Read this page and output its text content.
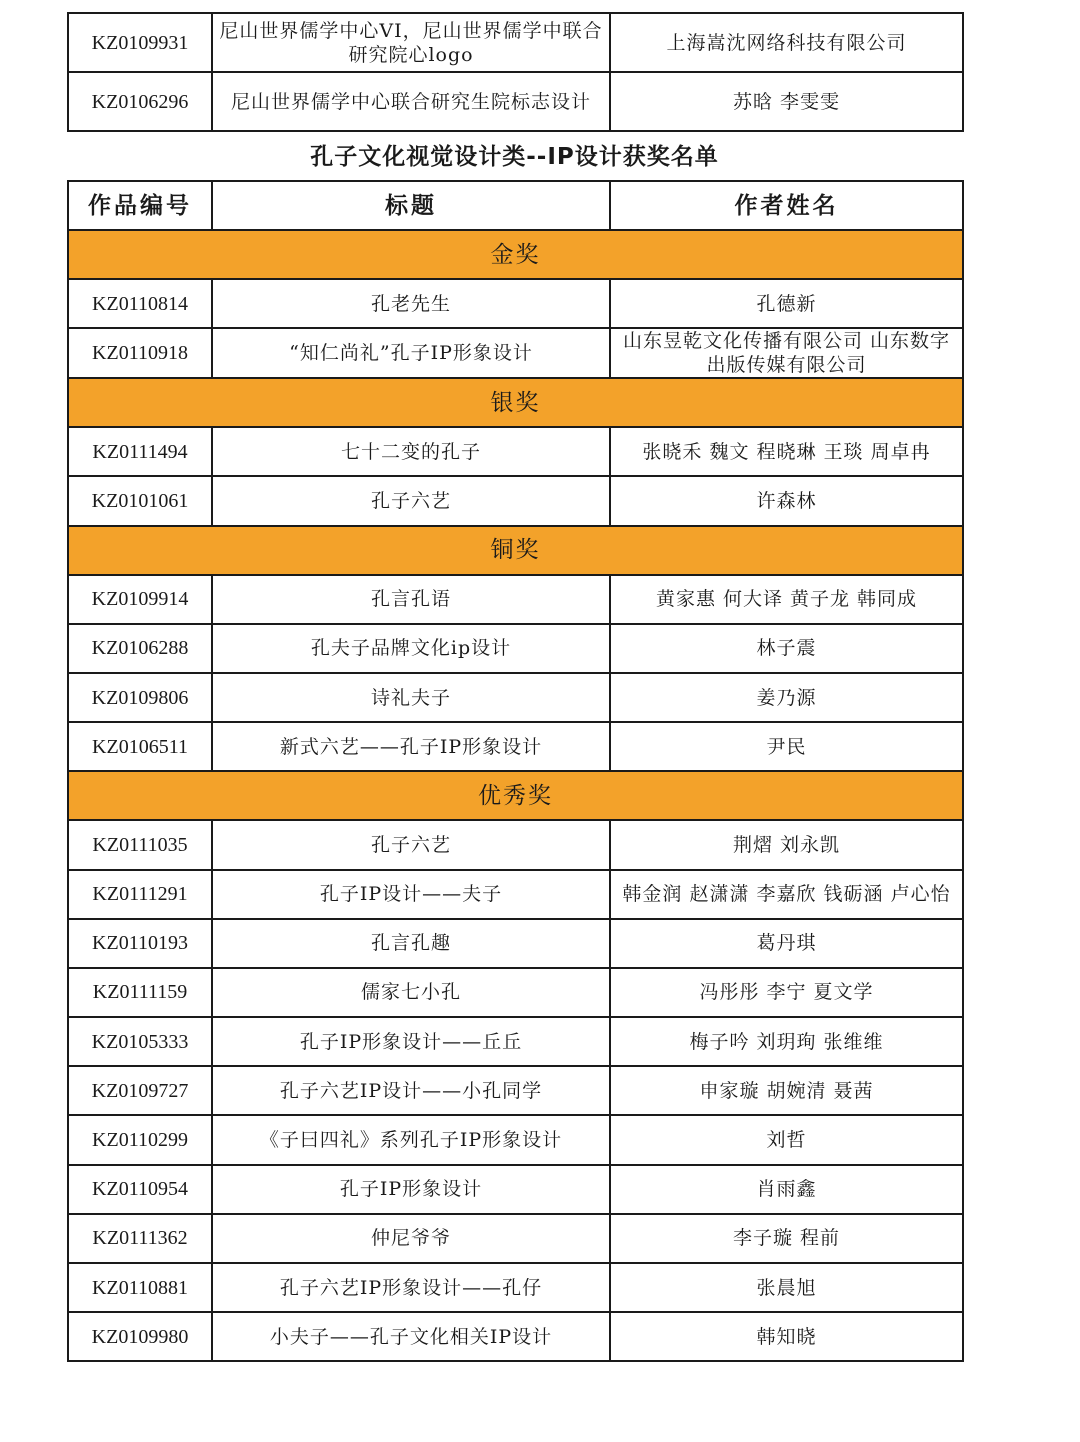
KZ0109931	尼山世界儒学中心VI，尼山世界儒学中联合研究院心logo	上海嵩沈网络科技有限公司
KZ0106296	尼山世界儒学中心联合研究生院标志设计	苏晗 李雯雯
孔子文化视觉设计类--IP设计获奖名单
作品编号	标题	作者姓名
金奖		
KZ0110814	孔老先生	孔德新
KZ0110918	“知仁尚礼”孔子IP形象设计	山东昱乾文化传播有限公司 山东数字出版传媒有限公司
银奖		
KZ0111494	七十二变的孔子	张晓禾 魏文 程晓琳 王琰 周卓冉
KZ0101061	孔子六艺	许森林
铜奖		
KZ0109914	孔言孔语	黄家惠 何大译 黄子龙 韩同成
KZ0106288	孔夫子品牌文化ip设计	林子震
KZ0109806	诗礼夫子	姜乃源
KZ0106511	新式六艺——孔子IP形象设计	尹民
优秀奖		
KZ0111035	孔子六艺	荆熠 刘永凯
KZ0111291	孔子IP设计——夫子	韩金润 赵潇潇 李嘉欣 钱砺涵 卢心怡
KZ0110193	孔言孔趣	葛丹琪
KZ0111159	儒家七小孔	冯彤彤 李宁 夏文学
KZ0105333	孔子IP形象设计——丘丘	梅子吟 刘玥珣 张维维
KZ0109727	孔子六艺IP设计——小孔同学	申家璇 胡婉清 聂茜
KZ0110299	《子曰四礼》系列孔子IP形象设计	刘哲
KZ0110954	孔子IP形象设计	肖雨鑫
KZ0111362	仲尼爷爷	李子璇 程前
KZ0110881	孔子六艺IP形象设计——孔仔	张晨旭
KZ0109980	小夫子——孔子文化相关IP设计	韩知晓
